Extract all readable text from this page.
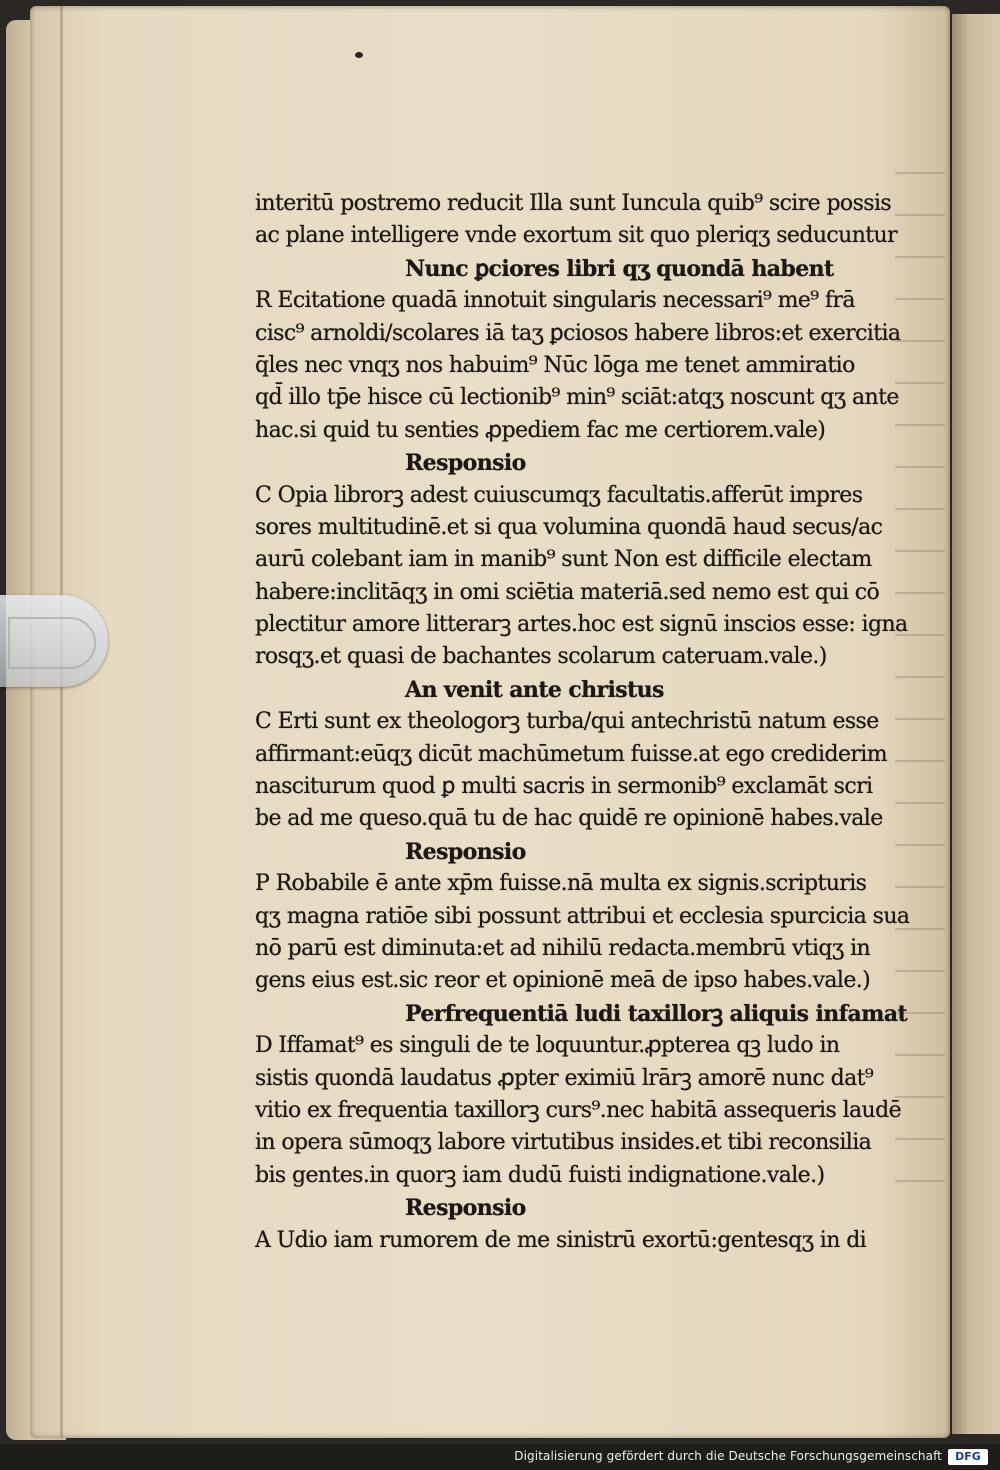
interitū postremo reducit Illa sunt Iuncula quib⁹ scire possis
ac plane intelligere vnde exortum sit quo pleriqʒ seducuntur
Nunc ꝑciores libri qʒ quondā habent
R Ecitatione quadā innotuit singularis necessari⁹ me⁹ frā
cisc⁹ arnoldi/scolares iā taʒ ꝑciosos habere libros:et exercitia
q̄les nec vnqʒ nos habuim⁹ Nūc lōga me tenet ammiratio
qd̄ illo tp̄e hisce cū lectionib⁹ min⁹ sciāt:atqʒ noscunt qʒ ante
hac.si quid tu senties ꝓpediem fac me certiorem.vale)
Responsio
C Opia librorꝫ adest cuiuscumqʒ facultatis.afferūt impres
sores multitudinē.et si qua volumina quondā haud secus/ac
aurū colebant iam in manib⁹ sunt Non est difficile electam
habere:inclitāqʒ in omi sciētia materiā.sed nemo est qui cō
plectitur amore litterarꝫ artes.hoc est signū inscios esse: igna
rosqʒ.et quasi de bachantes scolarum cateruam.vale.)
An venit ante christus
C Erti sunt ex theologorꝫ turba/qui antechristū natum esse
affirmant:eūqʒ dicūt machūmetum fuisse.at ego crediderim
nasciturum quod ꝑ multi sacris in sermonib⁹ exclamāt scri
be ad me queso.quā tu de hac quidē re opinionē habes.vale
Responsio
P Robabile ē ante xp̄m fuisse.nā multa ex signis.scripturis
qʒ magna ratiōe sibi possunt attribui et ecclesia spurcicia sua
nō parū est diminuta:et ad nihilū redacta.membrū vtiqʒ in
gens eius est.sic reor et opinionē meā de ipso habes.vale.)
Perfrequentiā ludi taxillorꝫ aliquis infamat
D Iffamat⁹ es singuli de te loquuntur.ꝓpterea qꝫ ludo in
sistis quondā laudatus ꝓpter eximiū lrārꝫ amorē nunc dat⁹
vitio ex frequentia taxillorꝫ curs⁹.nec habitā assequeris laudē
in opera sūmoqʒ labore virtutibus insides.et tibi reconsilia
bis gentes.in quorꝫ iam dudū fuisti indignatione.vale.)
Responsio
A Udio iam rumorem de me sinistrū exortū:gentesqʒ in di
Digitalisierung gefördert durch die Deutsche Forschungsgemeinschaft	DFG
